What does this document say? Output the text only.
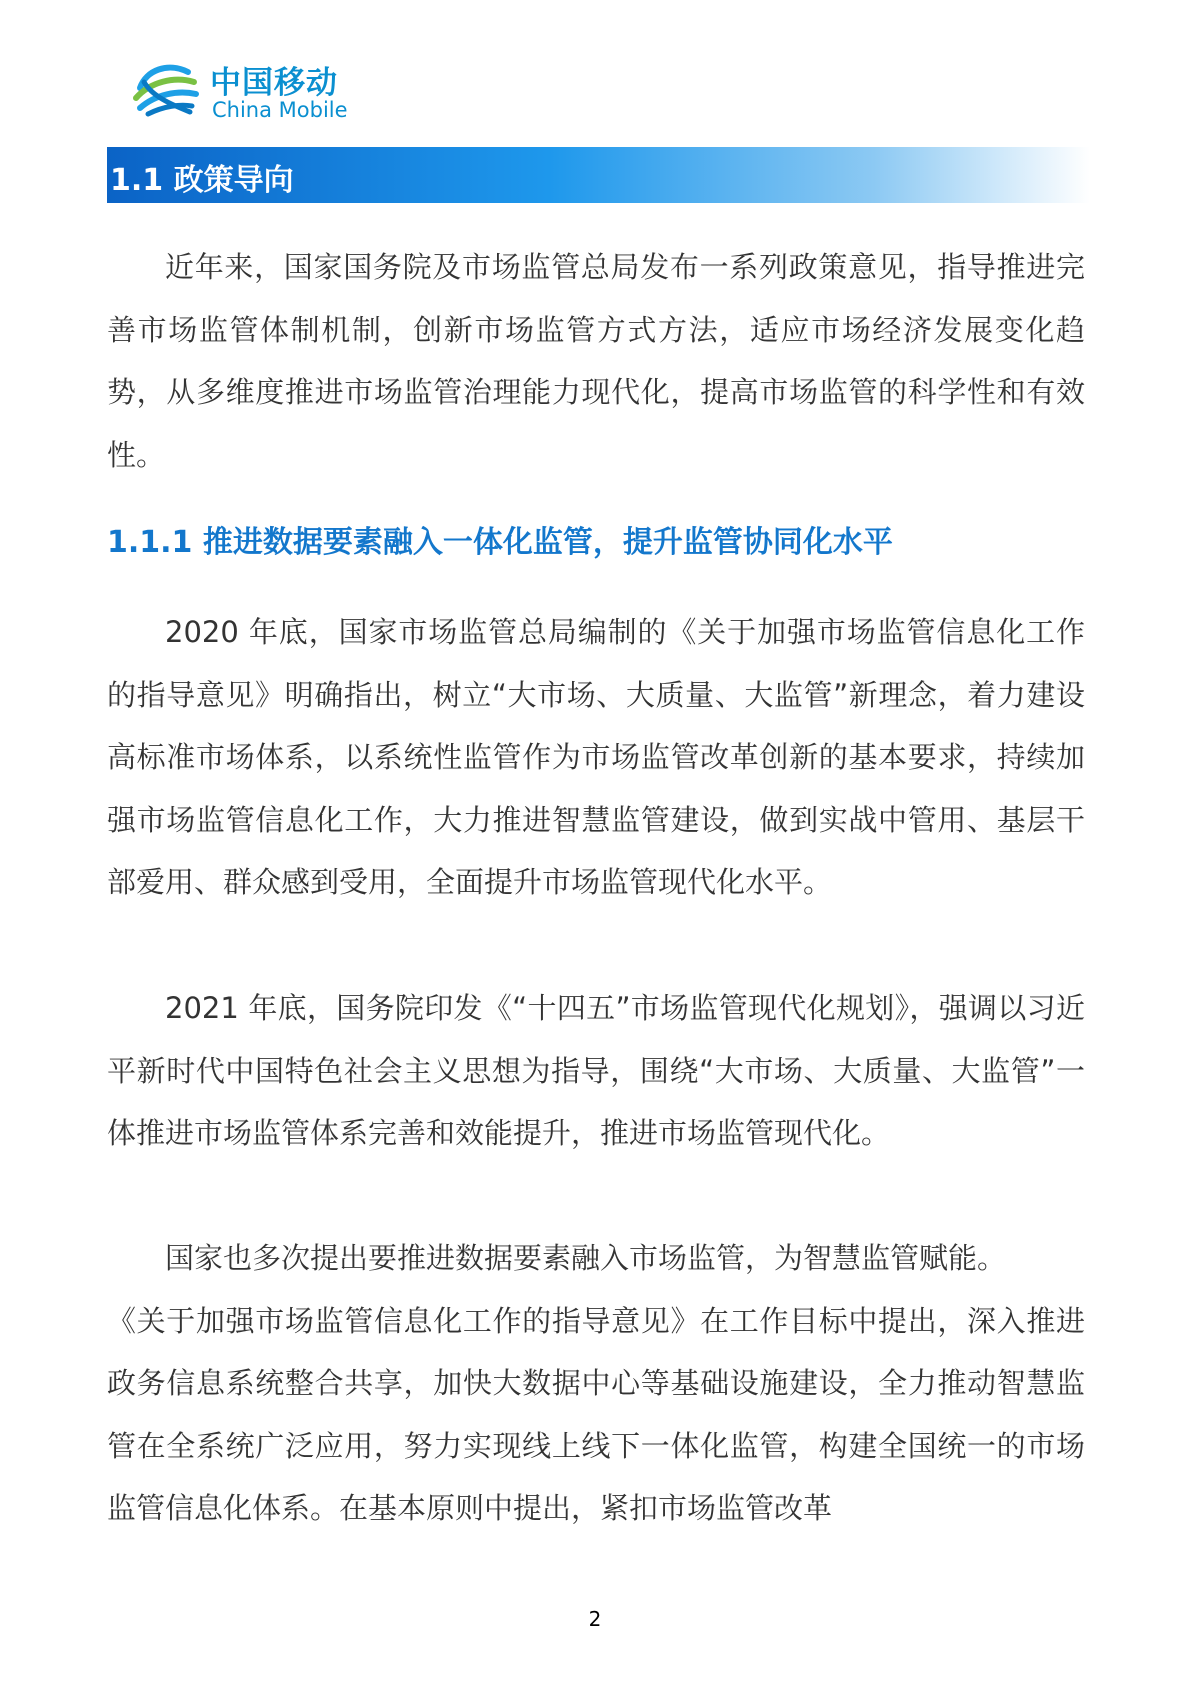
中国移动
China Mobile
1.1 政策导向

近年来，国家国务院及市场监管总局发布一系列政策意见，指导推进完善市场监管体制机制，创新市场监管方式方法，适应市场经济发展变化趋势，从多维度推进市场监管治理能力现代化，提高市场监管的科学性和有效性。

1.1.1 推进数据要素融入一体化监管，提升监管协同化水平

2020 年底，国家市场监管总局编制的《关于加强市场监管信息化工作的指导意见》明确指出，树立“大市场、大质量、大监管”新理念，着力建设高标准市场体系，以系统性监管作为市场监管改革创新的基本要求，持续加强市场监管信息化工作，大力推进智慧监管建设，做到实战中管用、基层干部爱用、群众感到受用，全面提升市场监管现代化水平。

2021 年底，国务院印发《“十四五”市场监管现代化规划》，强调以习近平新时代中国特色社会主义思想为指导，围绕“大市场、大质量、大监管”一体推进市场监管体系完善和效能提升，推进市场监管现代化。

国家也多次提出要推进数据要素融入市场监管，为智慧监管赋能。
《关于加强市场监管信息化工作的指导意见》在工作目标中提出，深入推进政务信息系统整合共享，加快大数据中心等基础设施建设，全力推动智慧监管在全系统广泛应用，努力实现线上线下一体化监管，构建全国统一的市场监管信息化体系。在基本原则中提出，紧扣市场监管改革

2
